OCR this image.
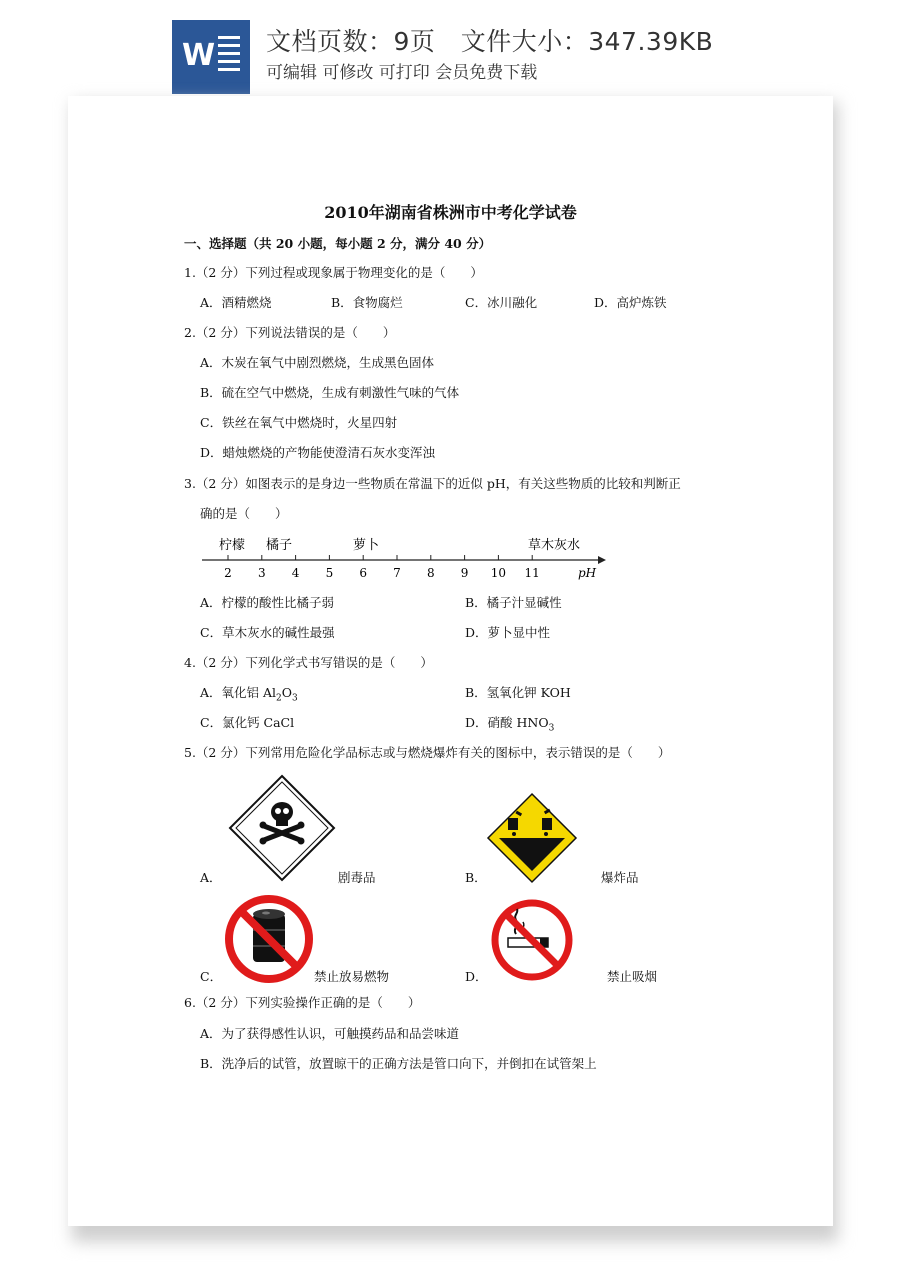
W 文档页数：9页   文件大小：347.39KB
可编辑 可修改 可打印 会员免费下载
2010年湖南省株洲市中考化学试卷
一、选择题（共 20 小题，每小题 2 分，满分 40 分）
1.（2 分）下列过程或现象属于物理变化的是（　　）
A．酒精燃烧	B．食物腐烂	C．冰川融化	D．高炉炼铁
2.（2 分）下列说法错误的是（　　）
A．木炭在氧气中剧烈燃烧，生成黑色固体
B．硫在空气中燃烧，生成有刺激性气味的气体
C．铁丝在氧气中燃烧时，火星四射
D．蜡烛燃烧的产物能使澄清石灰水变浑浊
3.（2 分）如图表示的是身边一些物质在常温下的近似 pH，有关这些物质的比较和判断正
确的是（　　）
2 3 4 5 6 7 8 9 10 11
柠檬 橘子	萝卜	草木灰水
pH
A．柠檬的酸性比橘子弱	B．橘子汁显碱性
C．草木灰水的碱性最强	D．萝卜显中性
4.（2 分）下列化学式书写错误的是（　　）
A．氧化铝 $Al_2O_3$	B．氢氧化钾 KOH
C．氯化钙 CaCl	D．硝酸 $HNO_3$
5.（2 分）下列常用危险化学品标志或与燃烧爆炸有关的图标中，表示错误的是（　　）
A．	剧毒品	B．	爆炸品
C．	禁止放易燃物	D．	禁止吸烟
6.（2 分）下列实验操作正确的是（　　）
A．为了获得感性认识，可触摸药品和品尝味道
B．洗净后的试管，放置晾干的正确方法是管口向下，并倒扣在试管架上
